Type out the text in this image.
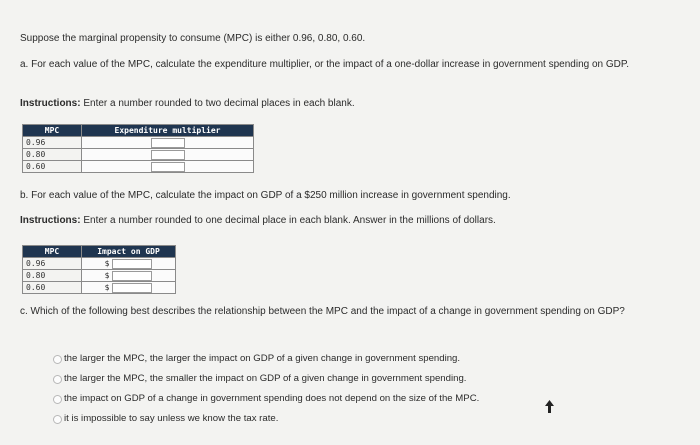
Suppose the marginal propensity to consume (MPC) is either 0.96, 0.80, 0.60.
a. For each value of the MPC, calculate the expenditure multiplier, or the impact of a one-dollar increase in government spending on GDP.
Instructions: Enter a number rounded to two decimal places in each blank.
MPC	Expenditure multiplier
0.96	
0.80	
0.60	
b. For each value of the MPC, calculate the impact on GDP of a $250 million increase in government spending.
Instructions: Enter a number rounded to one decimal place in each blank. Answer in the millions of dollars.
MPC	Impact on GDP
0.96	$
0.80	$
0.60	$
c. Which of the following best describes the relationship between the MPC and the impact of a change in government spending on GDP?
the larger the MPC, the larger the impact on GDP of a given change in government spending.
the larger the MPC, the smaller the impact on GDP of a given change in government spending.
the impact on GDP of a change in government spending does not depend on the size of the MPC.
it is impossible to say unless we know the tax rate.
